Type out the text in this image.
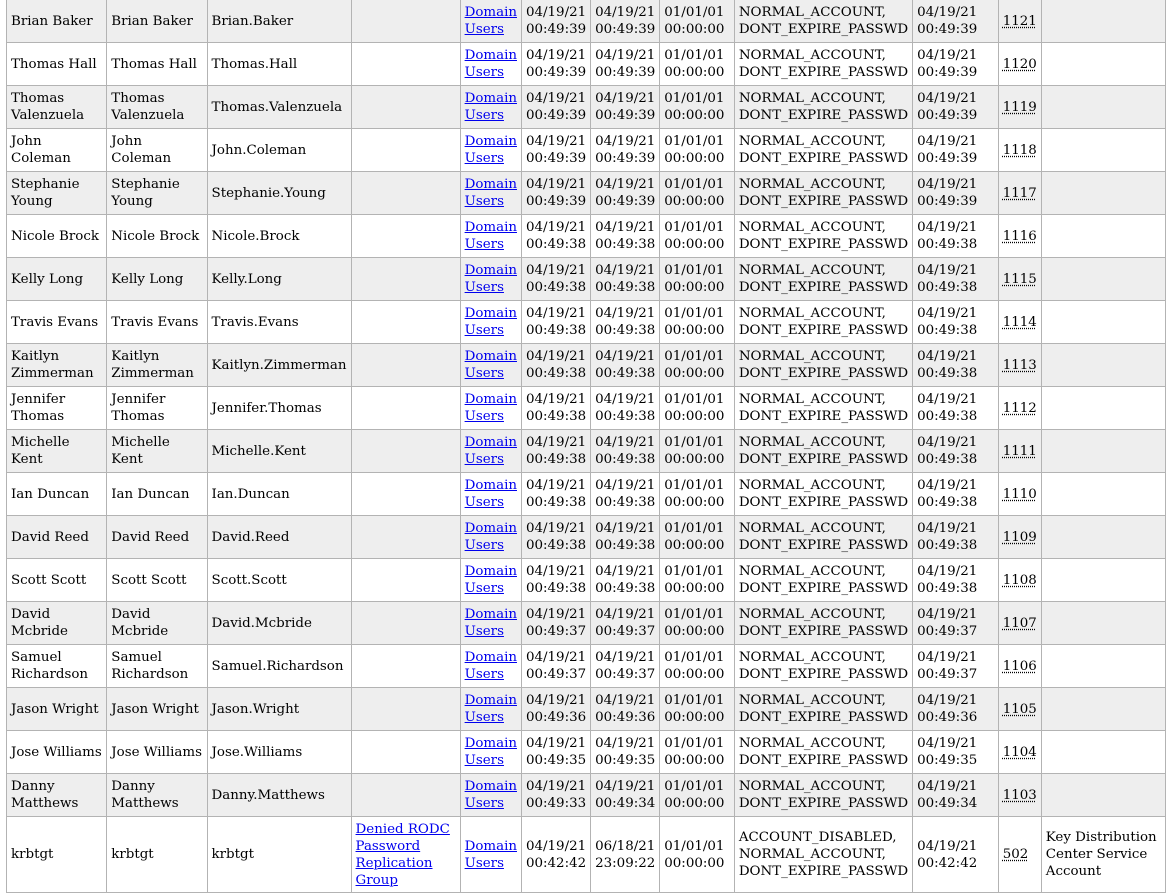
Brian Baker	Brian Baker	Brian.Baker		Domain Users	04/19/21 00:49:39	04/19/21 00:49:39	01/01/01 00:00:00	NORMAL_ACCOUNT, DONT_EXPIRE_PASSWD	04/19/21 00:49:39	1121	
Thomas Hall	Thomas Hall	Thomas.Hall		Domain Users	04/19/21 00:49:39	04/19/21 00:49:39	01/01/01 00:00:00	NORMAL_ACCOUNT, DONT_EXPIRE_PASSWD	04/19/21 00:49:39	1120	
Thomas Valenzuela	Thomas Valenzuela	Thomas.Valenzuela		Domain Users	04/19/21 00:49:39	04/19/21 00:49:39	01/01/01 00:00:00	NORMAL_ACCOUNT, DONT_EXPIRE_PASSWD	04/19/21 00:49:39	1119	
John Coleman	John Coleman	John.Coleman		Domain Users	04/19/21 00:49:39	04/19/21 00:49:39	01/01/01 00:00:00	NORMAL_ACCOUNT, DONT_EXPIRE_PASSWD	04/19/21 00:49:39	1118	
Stephanie Young	Stephanie Young	Stephanie.Young		Domain Users	04/19/21 00:49:39	04/19/21 00:49:39	01/01/01 00:00:00	NORMAL_ACCOUNT, DONT_EXPIRE_PASSWD	04/19/21 00:49:39	1117	
Nicole Brock	Nicole Brock	Nicole.Brock		Domain Users	04/19/21 00:49:38	04/19/21 00:49:38	01/01/01 00:00:00	NORMAL_ACCOUNT, DONT_EXPIRE_PASSWD	04/19/21 00:49:38	1116	
Kelly Long	Kelly Long	Kelly.Long		Domain Users	04/19/21 00:49:38	04/19/21 00:49:38	01/01/01 00:00:00	NORMAL_ACCOUNT, DONT_EXPIRE_PASSWD	04/19/21 00:49:38	1115	
Travis Evans	Travis Evans	Travis.Evans		Domain Users	04/19/21 00:49:38	04/19/21 00:49:38	01/01/01 00:00:00	NORMAL_ACCOUNT, DONT_EXPIRE_PASSWD	04/19/21 00:49:38	1114	
Kaitlyn Zimmerman	Kaitlyn Zimmerman	Kaitlyn.Zimmerman		Domain Users	04/19/21 00:49:38	04/19/21 00:49:38	01/01/01 00:00:00	NORMAL_ACCOUNT, DONT_EXPIRE_PASSWD	04/19/21 00:49:38	1113	
Jennifer Thomas	Jennifer Thomas	Jennifer.Thomas		Domain Users	04/19/21 00:49:38	04/19/21 00:49:38	01/01/01 00:00:00	NORMAL_ACCOUNT, DONT_EXPIRE_PASSWD	04/19/21 00:49:38	1112	
Michelle Kent	Michelle Kent	Michelle.Kent		Domain Users	04/19/21 00:49:38	04/19/21 00:49:38	01/01/01 00:00:00	NORMAL_ACCOUNT, DONT_EXPIRE_PASSWD	04/19/21 00:49:38	1111	
Ian Duncan	Ian Duncan	Ian.Duncan		Domain Users	04/19/21 00:49:38	04/19/21 00:49:38	01/01/01 00:00:00	NORMAL_ACCOUNT, DONT_EXPIRE_PASSWD	04/19/21 00:49:38	1110	
David Reed	David Reed	David.Reed		Domain Users	04/19/21 00:49:38	04/19/21 00:49:38	01/01/01 00:00:00	NORMAL_ACCOUNT, DONT_EXPIRE_PASSWD	04/19/21 00:49:38	1109	
Scott Scott	Scott Scott	Scott.Scott		Domain Users	04/19/21 00:49:38	04/19/21 00:49:38	01/01/01 00:00:00	NORMAL_ACCOUNT, DONT_EXPIRE_PASSWD	04/19/21 00:49:38	1108	
David Mcbride	David Mcbride	David.Mcbride		Domain Users	04/19/21 00:49:37	04/19/21 00:49:37	01/01/01 00:00:00	NORMAL_ACCOUNT, DONT_EXPIRE_PASSWD	04/19/21 00:49:37	1107	
Samuel Richardson	Samuel Richardson	Samuel.Richardson		Domain Users	04/19/21 00:49:37	04/19/21 00:49:37	01/01/01 00:00:00	NORMAL_ACCOUNT, DONT_EXPIRE_PASSWD	04/19/21 00:49:37	1106	
Jason Wright	Jason Wright	Jason.Wright		Domain Users	04/19/21 00:49:36	04/19/21 00:49:36	01/01/01 00:00:00	NORMAL_ACCOUNT, DONT_EXPIRE_PASSWD	04/19/21 00:49:36	1105	
Jose Williams	Jose Williams	Jose.Williams		Domain Users	04/19/21 00:49:35	04/19/21 00:49:35	01/01/01 00:00:00	NORMAL_ACCOUNT, DONT_EXPIRE_PASSWD	04/19/21 00:49:35	1104	
Danny Matthews	Danny Matthews	Danny.Matthews		Domain Users	04/19/21 00:49:33	04/19/21 00:49:34	01/01/01 00:00:00	NORMAL_ACCOUNT, DONT_EXPIRE_PASSWD	04/19/21 00:49:34	1103	
krbtgt	krbtgt	krbtgt	Denied RODC Password Replication Group	Domain Users	04/19/21 00:42:42	06/18/21 23:09:22	01/01/01 00:00:00	ACCOUNT_DISABLED, NORMAL_ACCOUNT, DONT_EXPIRE_PASSWD	04/19/21 00:42:42	502	Key Distribution Center Service Account
